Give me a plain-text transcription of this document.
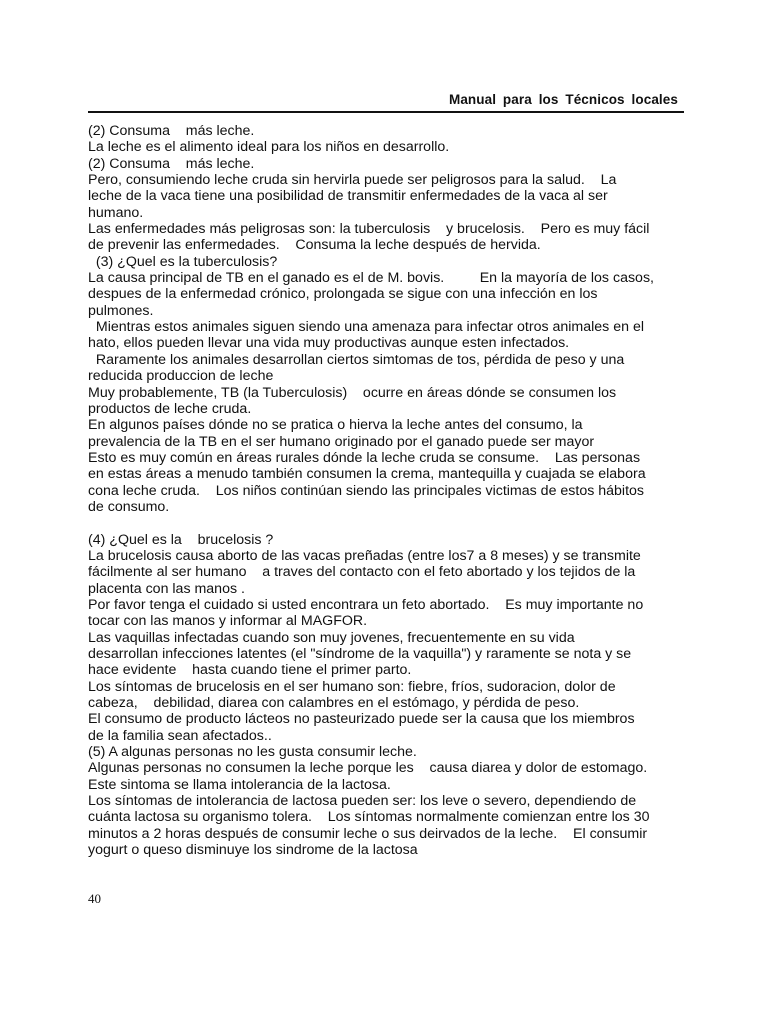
Manual para los Técnicos locales
(2) Consuma    más leche.
La leche es el alimento ideal para los niños en desarrollo.
(2) Consuma    más leche.
Pero, consumiendo leche cruda sin hervirla puede ser peligrosos para la salud.    La
leche de la vaca tiene una posibilidad de transmitir enfermedades de la vaca al ser
humano.
Las enfermedades más peligrosas son: la tuberculosis    y brucelosis.    Pero es muy fácil
de prevenir las enfermedades.    Consuma la leche después de hervida.
(3) ¿Quel es la tuberculosis?
La causa principal de TB en el ganado es el de M. bovis.         En la mayoría de los casos,
despues de la enfermedad crónico, prolongada se sigue con una infección en los
pulmones.
Mientras estos animales siguen siendo una amenaza para infectar otros animales en el
hato, ellos pueden llevar una vida muy productivas aunque esten infectados.
Raramente los animales desarrollan ciertos simtomas de tos, pérdida de peso y una
reducida produccion de leche
Muy probablemente, TB (la Tuberculosis)    ocurre en áreas dónde se consumen los
productos de leche cruda.
En algunos países dónde no se pratica o hierva la leche antes del consumo, la
prevalencia de la TB en el ser humano originado por el ganado puede ser mayor
Esto es muy común en áreas rurales dónde la leche cruda se consume.    Las personas
en estas áreas a menudo también consumen la crema, mantequilla y cuajada se elabora
cona leche cruda.    Los niños continúan siendo las principales victimas de estos hábitos
de consumo.
(4) ¿Quel es la    brucelosis ?
La brucelosis causa aborto de las vacas preñadas (entre los7 a 8 meses) y se transmite
fácilmente al ser humano    a traves del contacto con el feto abortado y los tejidos de la
placenta con las manos .
Por favor tenga el cuidado si usted encontrara un feto abortado.    Es muy importante no
tocar con las manos y informar al MAGFOR.
Las vaquillas infectadas cuando son muy jovenes, frecuentemente en su vida
desarrollan infecciones latentes (el "síndrome de la vaquilla") y raramente se nota y se
hace evidente    hasta cuando tiene el primer parto.
Los síntomas de brucelosis en el ser humano son: fiebre, fríos, sudoracion, dolor de
cabeza,    debilidad, diarea con calambres en el estómago, y pérdida de peso.
El consumo de producto lácteos no pasteurizado puede ser la causa que los miembros
de la familia sean afectados..
(5) A algunas personas no les gusta consumir leche.
Algunas personas no consumen la leche porque les    causa diarea y dolor de estomago.
Este sintoma se llama intolerancia de la lactosa.
Los síntomas de intolerancia de lactosa pueden ser: los leve o severo, dependiendo de
cuánta lactosa su organismo tolera.    Los síntomas normalmente comienzan entre los 30
minutos a 2 horas después de consumir leche o sus deirvados de la leche.    El consumir
yogurt o queso disminuye los sindrome de la lactosa
40
